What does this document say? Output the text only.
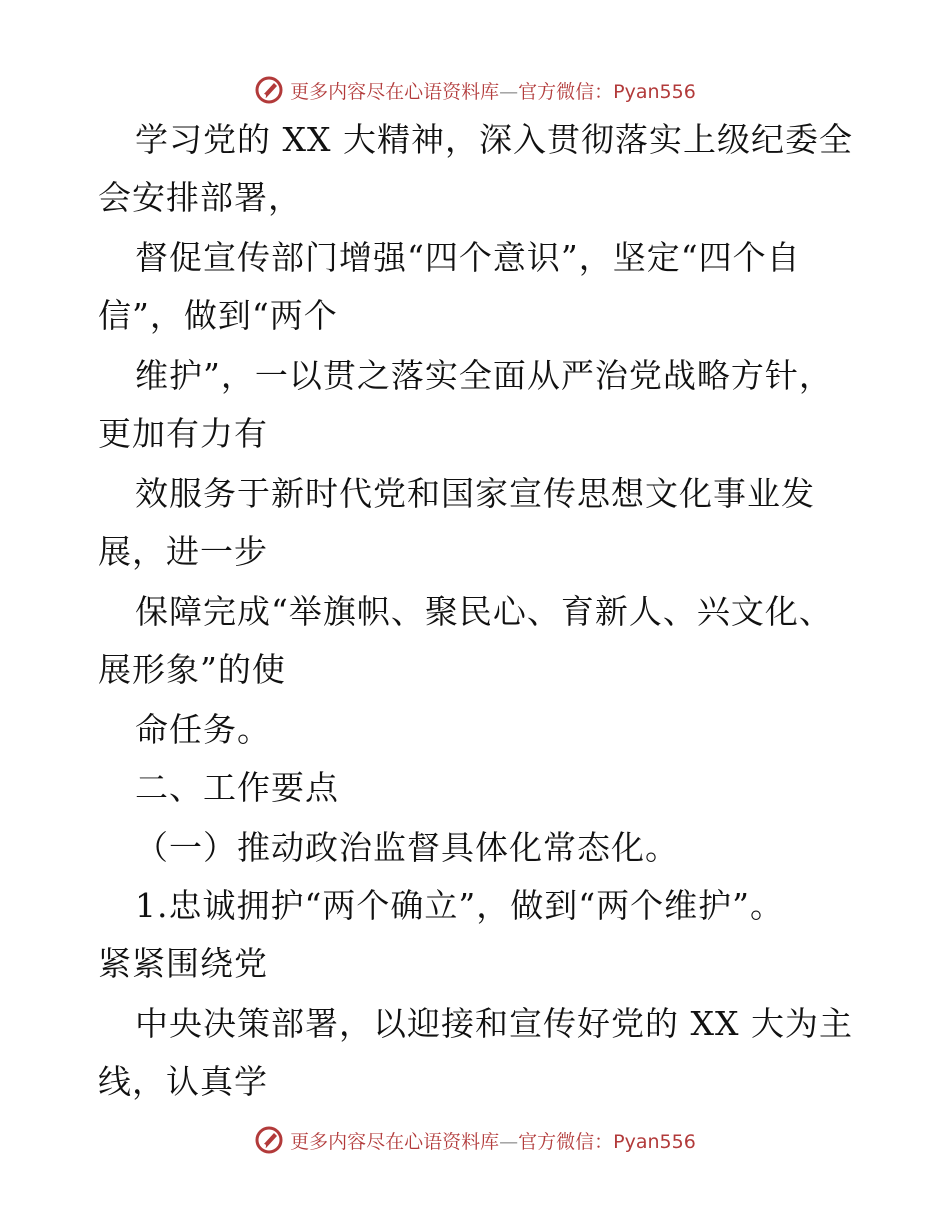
更多内容尽在心语资料库—官方微信：Pyan556
学习党的 XX 大精神，深入贯彻落实上级纪委全
会安排部署，
督促宣传部门增强“四个意识”，坚定“四个自
信”，做到“两个
维护”，一以贯之落实全面从严治党战略方针，
更加有力有
效服务于新时代党和国家宣传思想文化事业发
展，进一步
保障完成“举旗帜、聚民心、育新人、兴文化、
展形象”的使
命任务。
二、工作要点
（一）推动政治监督具体化常态化。
1.忠诚拥护“两个确立”，做到“两个维护”。
紧紧围绕党
中央决策部署，以迎接和宣传好党的 XX 大为主
线，认真学
更多内容尽在心语资料库—官方微信：Pyan556
